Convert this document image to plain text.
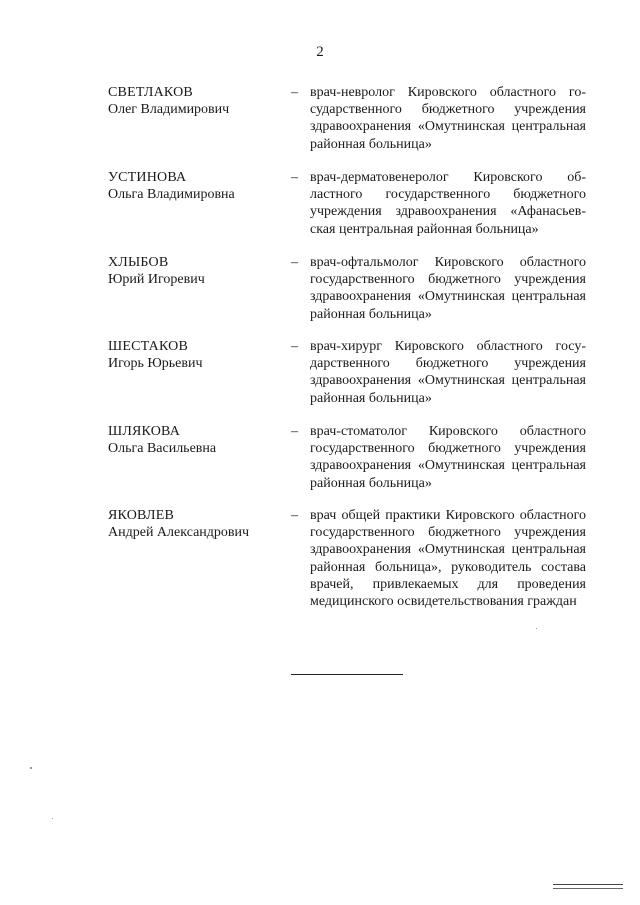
2
СВЕТЛАКОВ
Олег Владимирович
– врач-невролог Кировского областного государственного бюджетного учреждения здравоохранения «Омутнинская центральная районная больница»
УСТИНОВА
Ольга Владимировна
– врач-дерматовенеролог Кировского областного государственного бюджетного учреждения здравоохранения «Афанасьевская центральная районная больница»
ХЛЫБОВ
Юрий Игоревич
– врач-офтальмолог Кировского областного государственного бюджетного учреждения здравоохранения «Омутнинская центральная районная больница»
ШЕСТАКОВ
Игорь Юрьевич
– врач-хирург Кировского областного государственного бюджетного учреждения здравоохранения «Омутнинская центральная районная больница»
ШЛЯКОВА
Ольга Васильевна
– врач-стоматолог Кировского областного государственного бюджетного учреждения здравоохранения «Омутнинская центральная районная больница»
ЯКОВЛЕВ
Андрей Александрович
– врач общей практики Кировского областного государственного бюджетного учреждения здравоохранения «Омутнинская центральная районная больница», руководитель состава врачей, привлекаемых для проведения медицинского освидетельствования граждан
